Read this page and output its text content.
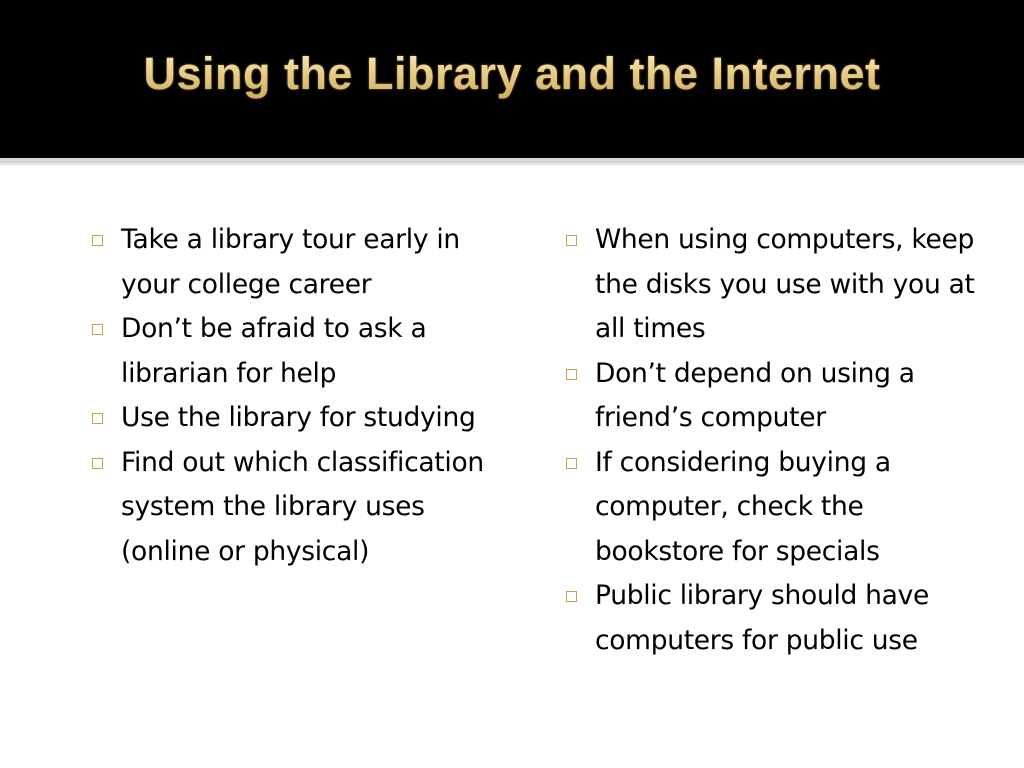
Using the Library and the Internet
Take a library tour early in your college career
Don’t be afraid to ask a librarian for help
Use the library for studying
Find out which classification system the library uses (online or physical)
When using computers, keep the disks you use with you at all times
Don’t depend on using a friend’s computer
If considering buying a computer, check the bookstore for specials
Public library should have computers for public use
